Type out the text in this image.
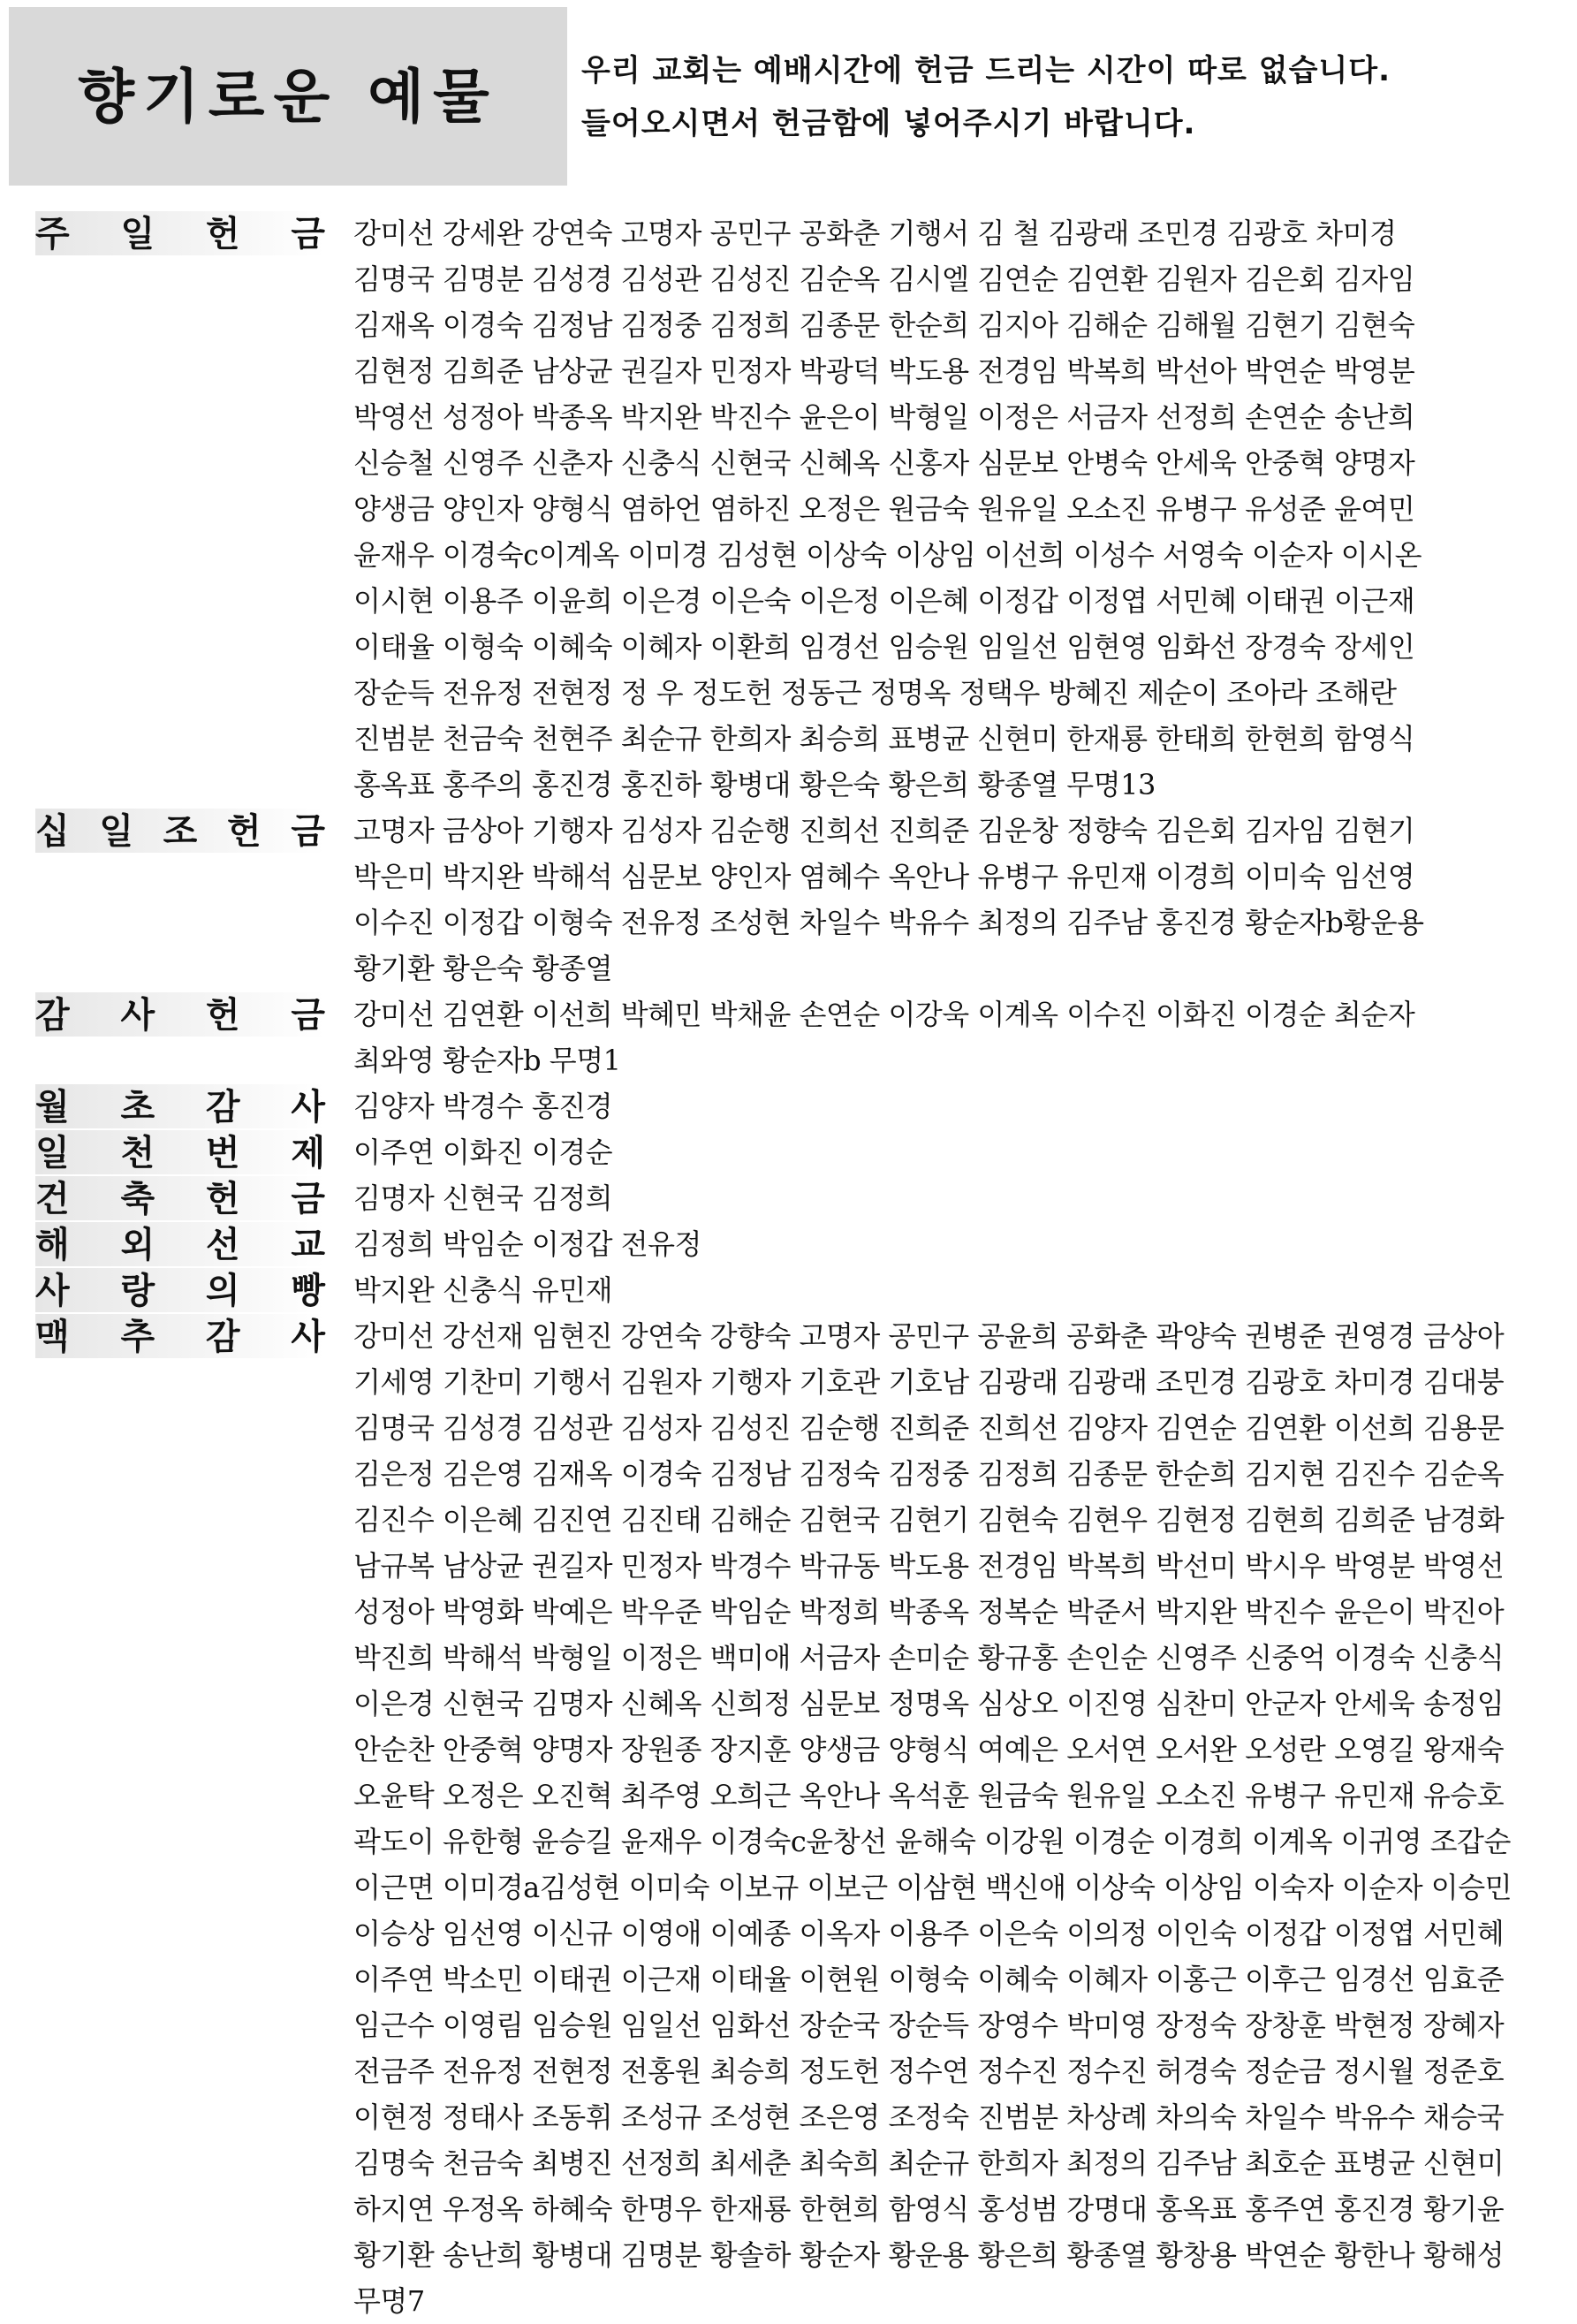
향기로운 예물	우리 교회는 예배시간에 헌금 드리는 시간이 따로 없습니다.
들어오시면서 헌금함에 넣어주시기 바랍니다.
주 일 헌 금 강미선 강세완 강연숙 고명자 공민구 공화춘 기행서 김 철 김광래 조민경 김광호 차미경
김명국 김명분 김성경 김성관 김성진 김순옥 김시엘 김연순 김연환 김원자 김은회 김자임
김재옥 이경숙 김정남 김정중 김정희 김종문 한순희 김지아 김해순 김해월 김현기 김현숙
김현정 김희준 남상균 권길자 민정자 박광덕 박도용 전경임 박복희 박선아 박연순 박영분
박영선 성정아 박종옥 박지완 박진수 윤은이 박형일 이정은 서금자 선정희 손연순 송난희
신승철 신영주 신춘자 신충식 신현국 신혜옥 신홍자 심문보 안병숙 안세욱 안중혁 양명자
양생금 양인자 양형식 염하언 염하진 오정은 원금숙 원유일 오소진 유병구 유성준 윤여민
윤재우 이경숙c이계옥 이미경 김성현 이상숙 이상임 이선희 이성수 서영숙 이순자 이시온
이시현 이용주 이윤희 이은경 이은숙 이은정 이은혜 이정갑 이정엽 서민혜 이태권 이근재
이태율 이형숙 이혜숙 이혜자 이환희 임경선 임승원 임일선 임현영 임화선 장경숙 장세인
장순득 전유정 전현정 정 우 정도헌 정동근 정명옥 정택우 방혜진 제순이 조아라 조해란
진범분 천금숙 천현주 최순규 한희자 최승희 표병균 신현미 한재룡 한태희 한현희 함영식
홍옥표 홍주의 홍진경 홍진하 황병대 황은숙 황은희 황종열 무명13
십 일 조 헌 금 고명자 금상아 기행자 김성자 김순행 진희선 진희준 김운창 정향숙 김은회 김자임 김현기
박은미 박지완 박해석 심문보 양인자 염혜수 옥안나 유병구 유민재 이경희 이미숙 임선영
이수진 이정갑 이형숙 전유정 조성현 차일수 박유수 최정의 김주남 홍진경 황순자b황운용
황기환 황은숙 황종열
감 사 헌 금 강미선 김연환 이선희 박혜민 박채윤 손연순 이강욱 이계옥 이수진 이화진 이경순 최순자
최와영 황순자b 무명1
월 초 감 사 김양자 박경수 홍진경
일 천 번 제 이주연 이화진 이경순
건 축 헌 금 김명자 신현국 김정희
해 외 선 교 김정희 박임순 이정갑 전유정
사 랑 의 빵 박지완 신충식 유민재
맥 추 감 사 강미선 강선재 임현진 강연숙 강향숙 고명자 공민구 공윤희 공화춘 곽양숙 권병준 권영경 금상아
기세영 기찬미 기행서 김원자 기행자 기호관 기호남 김광래 김광래 조민경 김광호 차미경 김대붕
김명국 김성경 김성관 김성자 김성진 김순행 진희준 진희선 김양자 김연순 김연환 이선희 김용문
김은정 김은영 김재옥 이경숙 김정남 김정숙 김정중 김정희 김종문 한순희 김지현 김진수 김순옥
김진수 이은혜 김진연 김진태 김해순 김현국 김현기 김현숙 김현우 김현정 김현희 김희준 남경화
남규복 남상균 권길자 민정자 박경수 박규동 박도용 전경임 박복희 박선미 박시우 박영분 박영선
성정아 박영화 박예은 박우준 박임순 박정희 박종옥 정복순 박준서 박지완 박진수 윤은이 박진아
박진희 박해석 박형일 이정은 백미애 서금자 손미순 황규홍 손인순 신영주 신중억 이경숙 신충식
이은경 신현국 김명자 신혜옥 신희정 심문보 정명옥 심상오 이진영 심찬미 안군자 안세욱 송정임
안순찬 안중혁 양명자 장원종 장지훈 양생금 양형식 여예은 오서연 오서완 오성란 오영길 왕재숙
오윤탁 오정은 오진혁 최주영 오희근 옥안나 옥석훈 원금숙 원유일 오소진 유병구 유민재 유승호
곽도이 유한형 윤승길 윤재우 이경숙c윤창선 윤해숙 이강원 이경순 이경희 이계옥 이귀영 조갑순
이근면 이미경a김성현 이미숙 이보규 이보근 이삼현 백신애 이상숙 이상임 이숙자 이순자 이승민
이승상 임선영 이신규 이영애 이예종 이옥자 이용주 이은숙 이의정 이인숙 이정갑 이정엽 서민혜
이주연 박소민 이태권 이근재 이태율 이현원 이형숙 이혜숙 이혜자 이홍근 이후근 임경선 임효준
임근수 이영림 임승원 임일선 임화선 장순국 장순득 장영수 박미영 장정숙 장창훈 박현정 장혜자
전금주 전유정 전현정 전홍원 최승희 정도헌 정수연 정수진 정수진 허경숙 정순금 정시월 정준호
이현정 정태사 조동휘 조성규 조성현 조은영 조정숙 진범분 차상례 차의숙 차일수 박유수 채승국
김명숙 천금숙 최병진 선정희 최세춘 최숙희 최순규 한희자 최정의 김주남 최호순 표병균 신현미
하지연 우정옥 하혜숙 한명우 한재룡 한현희 함영식 홍성범 강명대 홍옥표 홍주연 홍진경 황기윤
황기환 송난희 황병대 김명분 황솔하 황순자 황운용 황은희 황종열 황창용 박연순 황한나 황해성
무명7
